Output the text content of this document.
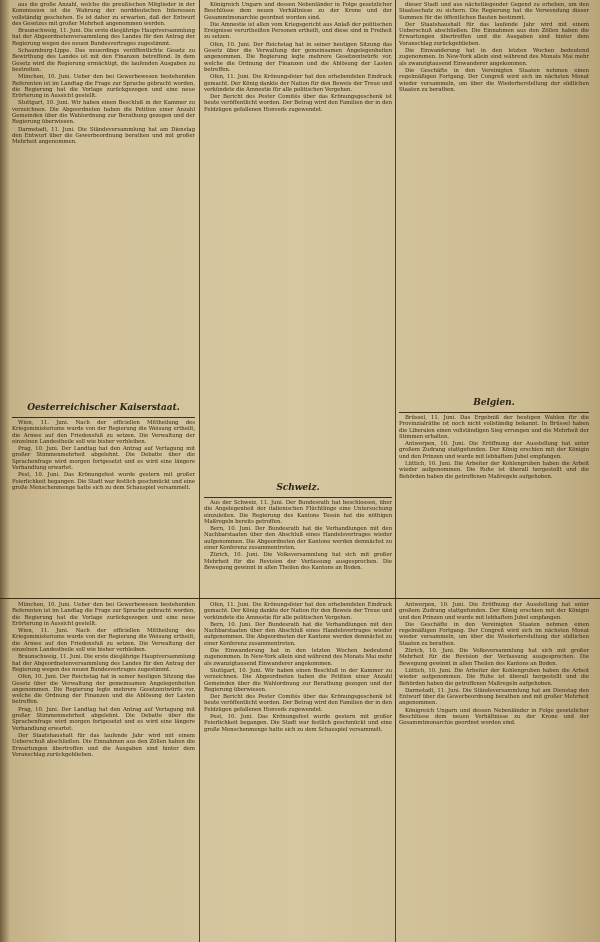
aus die große Anzahl, welche die preußischen Mitglieder in der Kommission ist die Wahrung der norddeutschen Interessen vollständig geschehen. Es ist daher zu erwarten, daß der Entwurf des Gesetzes mit großer Mehrheit angenommen werden.

Braunschweig, 11. Juni. Die erste diesjährige Hauptversammlung hat der Abgeordnetenversammlung des Landes für den Antrag der Regierung wegen des neuen Bundesvertrages zugestimmt.

Schaumburg-Lippe. Das neuerdings veröffentlichte Gesetz zu Bewirthung des Landes ist mit den Finanzen betreffend. In dem Gesetz wird die Regierung ermächtigt, die laufenden Ausgaben zu bestreiten.

München, 10. Juni. Ueber den bei Gewerbewesen bestehenden Referenten ist im Landtag die Frage zur Sprache gebracht worden, die Regierung hat die Vorlage zurückgezogen und eine neue Erörterung in Aussicht gestellt.

Stuttgart, 10. Juni. Wir haben einen Beschluß in der Kammer zu verzeichnen. Die Abgeordneten haben die Petition einer Anzahl Gemeinden über die Wahlordnung zur Berathung gezogen und der Regierung überwiesen.

Darmstadt, 11. Juni. Die Ständeversammlung hat am Dienstag den Entwurf über die Gewerbeordnung berathen und mit großer Mehrheit angenommen.

Oesterreichischer Kaiserstaat.

Wien, 11. Juni. Nach der officiellen Mittheilung des Kriegsministeriums wurde von der Regierung die Weisung ertheilt, die Armee auf den Friedensfuß zu setzen. Die Verwaltung der einzelnen Landestheile soll wie bisher verbleiben.

Prag, 10. Juni. Der Landtag hat den Antrag auf Vertagung mit großer Stimmenmehrheit abgelehnt. Die Debatte über die Sprachenfrage wird morgen fortgesetzt und es wird eine längere Verhandlung erwartet.

Pest, 10. Juni. Das Krönungsfest wurde gestern mit großer Feierlichkeit begangen. Die Stadt war festlich geschmückt und eine große Menschenmenge hatte sich zu dem Schauspiel versammelt.

Königreich Ungarn und dessen Nebenländer in Folge gesetzlicher Beschlüsse dem neuen Verhältnisse zu der Krone und der Gesammtmonarchie geordnet worden sind.

Die Amnestie ist allen vom Kriegsgericht aus Anlaß der politischen Ereignisse verurtheilten Personen ertheilt, und diese sind in Freiheit zu setzen.

Ofen, 10. Juni. Der Reichstag hat in seiner heutigen Sitzung das Gesetz über die Verwaltung der gemeinsamen Angelegenheiten angenommen. Die Regierung legte mehrere Gesetzentwürfe vor, welche die Ordnung der Finanzen und die Ablösung der Lasten betreffen.

Ofen, 11. Juni. Die Krönungsfeier hat den erhebendsten Eindruck gemacht. Der König dankte der Nation für den Beweis der Treue und verkündete die Amnestie für alle politischen Vergehen.

Der Bericht des Pester Comités über das Krönungsgeschenk ist heute veröffentlicht worden. Der Betrag wird den Familien der in den Feldzügen gefallenen Honveds zugewendet.

Schweiz.

Aus der Schweiz, 11. Juni. Der Bundesrath hat beschlossen, über die Angelegenheit der italienischen Flüchtlinge eine Untersuchung einzuleiten. Die Regierung des Kantons Tessin hat die nöthigen Maßregeln bereits getroffen.

Bern, 10. Juni. Der Bundesrath hat die Verhandlungen mit den Nachbarstaaten über den Abschluß eines Handelsvertrages wieder aufgenommen. Die Abgeordneten der Kantone werden demnächst zu einer Konferenz zusammentreten.

Zürich, 10. Juni. Die Volksversammlung hat sich mit großer Mehrheit für die Revision der Verfassung ausgesprochen. Die Bewegung gewinnt in allen Theilen des Kantons an Boden.

dieser Stadt und aus nächstliegender Gegend zu erheben, um den Staatsschatz zu sichern. Die Regierung hat die Verwendung dieser Summen für die öffentlichen Bauten bestimmt.

Der Staatshaushalt für das laufende Jahr wird mit einem Ueberschuß abschließen. Die Einnahmen aus den Zöllen haben die Erwartungen übertroffen und die Ausgaben sind hinter dem Voranschlag zurückgeblieben.

Die Einwanderung hat in den letzten Wochen bedeutend zugenommen. In New-York allein sind während des Monats Mai mehr als zwanzigtausend Einwanderer angekommen.

Die Geschäfte in den Vereinigten Staaten nehmen einen regelmäßigen Fortgang. Der Congreß wird sich im nächsten Monat wieder versammeln, um über die Wiederherstellung der südlichen Staaten zu berathen.

Belgien.

Brüssel, 11. Juni. Das Ergebniß der heutigen Wahlen für die Provinzialräthe ist noch nicht vollständig bekannt. In Brüssel haben die Liberalen einen vollständigen Sieg errungen und die Mehrheit der Stimmen erhalten.

Antwerpen, 10. Juni. Die Eröffnung der Ausstellung hat unter großem Zudrang stattgefunden. Der König erschien mit der Königin und den Prinzen und wurde mit lebhaftem Jubel empfangen.

Lüttich, 10. Juni. Die Arbeiter der Kohlengruben haben die Arbeit wieder aufgenommen. Die Ruhe ist überall hergestellt und die Behörden haben die getroffenen Maßregeln aufgehoben.

München, 10. Juni. Ueber den bei Gewerbewesen bestehenden Referenten ist im Landtag die Frage zur Sprache gebracht worden, die Regierung hat die Vorlage zurückgezogen und eine neue Erörterung in Aussicht gestellt.

Wien, 11. Juni. Nach der officiellen Mittheilung des Kriegsministeriums wurde von der Regierung die Weisung ertheilt, die Armee auf den Friedensfuß zu setzen. Die Verwaltung der einzelnen Landestheile soll wie bisher verbleiben.

Braunschweig, 11. Juni. Die erste diesjährige Hauptversammlung hat der Abgeordnetenversammlung des Landes für den Antrag der Regierung wegen des neuen Bundesvertrages zugestimmt.

Ofen, 10. Juni. Der Reichstag hat in seiner heutigen Sitzung das Gesetz über die Verwaltung der gemeinsamen Angelegenheiten angenommen. Die Regierung legte mehrere Gesetzentwürfe vor, welche die Ordnung der Finanzen und die Ablösung der Lasten betreffen.

Prag, 10. Juni. Der Landtag hat den Antrag auf Vertagung mit großer Stimmenmehrheit abgelehnt. Die Debatte über die Sprachenfrage wird morgen fortgesetzt und es wird eine längere Verhandlung erwartet.

Der Staatshaushalt für das laufende Jahr wird mit einem Ueberschuß abschließen. Die Einnahmen aus den Zöllen haben die Erwartungen übertroffen und die Ausgaben sind hinter dem Voranschlag zurückgeblieben.

Ofen, 11. Juni. Die Krönungsfeier hat den erhebendsten Eindruck gemacht. Der König dankte der Nation für den Beweis der Treue und verkündete die Amnestie für alle politischen Vergehen.

Bern, 10. Juni. Der Bundesrath hat die Verhandlungen mit den Nachbarstaaten über den Abschluß eines Handelsvertrages wieder aufgenommen. Die Abgeordneten der Kantone werden demnächst zu einer Konferenz zusammentreten.

Die Einwanderung hat in den letzten Wochen bedeutend zugenommen. In New-York allein sind während des Monats Mai mehr als zwanzigtausend Einwanderer angekommen.

Stuttgart, 10. Juni. Wir haben einen Beschluß in der Kammer zu verzeichnen. Die Abgeordneten haben die Petition einer Anzahl Gemeinden über die Wahlordnung zur Berathung gezogen und der Regierung überwiesen.

Der Bericht des Pester Comités über das Krönungsgeschenk ist heute veröffentlicht worden. Der Betrag wird den Familien der in den Feldzügen gefallenen Honveds zugewendet.

Pest, 10. Juni. Das Krönungsfest wurde gestern mit großer Feierlichkeit begangen. Die Stadt war festlich geschmückt und eine große Menschenmenge hatte sich zu dem Schauspiel versammelt.

Antwerpen, 10. Juni. Die Eröffnung der Ausstellung hat unter großem Zudrang stattgefunden. Der König erschien mit der Königin und den Prinzen und wurde mit lebhaftem Jubel empfangen.

Die Geschäfte in den Vereinigten Staaten nehmen einen regelmäßigen Fortgang. Der Congreß wird sich im nächsten Monat wieder versammeln, um über die Wiederherstellung der südlichen Staaten zu berathen.

Zürich, 10. Juni. Die Volksversammlung hat sich mit großer Mehrheit für die Revision der Verfassung ausgesprochen. Die Bewegung gewinnt in allen Theilen des Kantons an Boden.

Lüttich, 10. Juni. Die Arbeiter der Kohlengruben haben die Arbeit wieder aufgenommen. Die Ruhe ist überall hergestellt und die Behörden haben die getroffenen Maßregeln aufgehoben.

Darmstadt, 11. Juni. Die Ständeversammlung hat am Dienstag den Entwurf über die Gewerbeordnung berathen und mit großer Mehrheit angenommen.

Königreich Ungarn und dessen Nebenländer in Folge gesetzlicher Beschlüsse dem neuen Verhältnisse zu der Krone und der Gesammtmonarchie geordnet worden sind.
